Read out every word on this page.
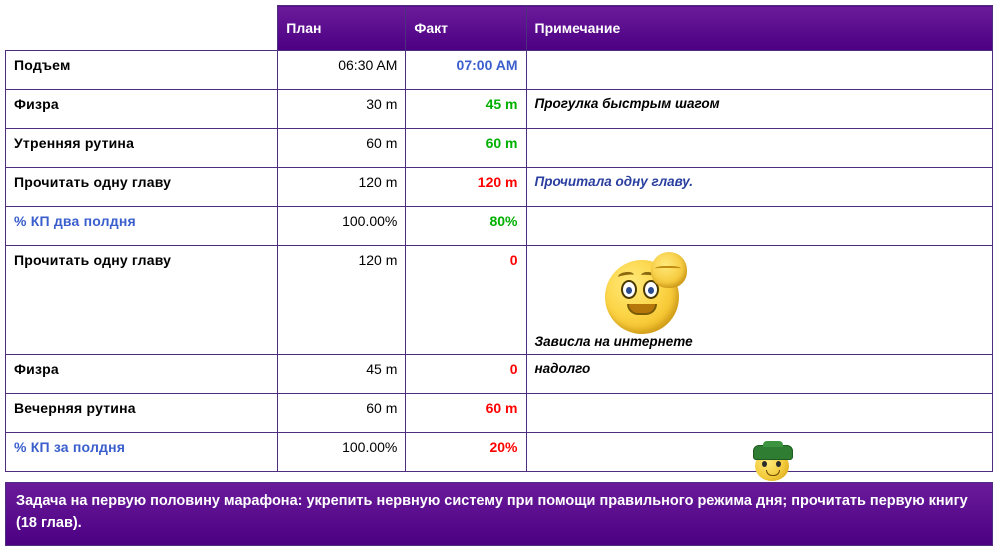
	План	Факт	Примечание

Подъем	06:30 AM	07:00 AM	

Физра	30 m	45 m	Прогулка быстрым шагом

Утренняя рутина	60 m	60 m	

Прочитать одну главу	120 m	120 m	Прочитала одну главу.

% КП два полдня	100.00%	80%	

Прочитать одну главу	120 m	0	Зависла на интернете

Физра	45 m	0	надолго

Вечерняя рутина	60 m	60 m	

% КП за полдня	100.00%	20%	

Задача на первую половину марафона: укрепить нервную систему при помощи правильного режима дня; прочитать первую книгу (18 глав).
